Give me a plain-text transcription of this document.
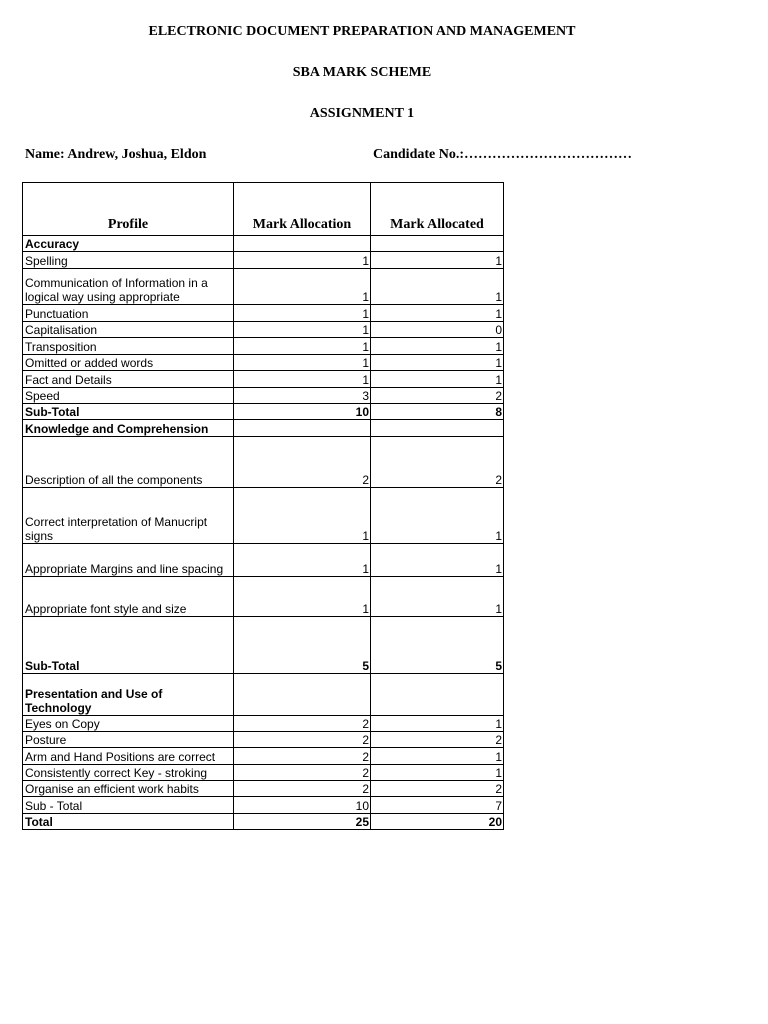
ELECTRONIC DOCUMENT PREPARATION AND MANAGEMENT
SBA MARK SCHEME
ASSIGNMENT 1
Name: Andrew, Joshua, Eldon	Candidate No.:………………………………
Profile	Mark Allocation	Mark Allocated
Accuracy		
Spelling	1	1
Communication of Information in a logical way using appropriate	1	1
Punctuation	1	1
Capitalisation	1	0
Transposition	1	1
Omitted or added words	1	1
Fact and Details	1	1
Speed	3	2
Sub-Total	10	8
Knowledge and Comprehension		
Description of all the components	2	2
Correct interpretation of Manucript signs	1	1
Appropriate Margins and line spacing	1	1
Appropriate font style and size	1	1
Sub-Total	5	5
Presentation and Use of Technology		
Eyes on Copy	2	1
Posture	2	2
Arm and Hand Positions are correct	2	1
Consistently correct Key - stroking	2	1
Organise an efficient work habits	2	2
Sub - Total	10	7
Total	25	20
